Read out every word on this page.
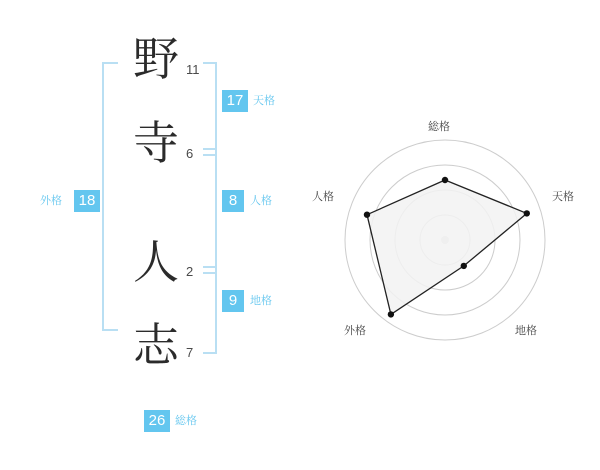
野 11
寺 6
人 2
志 7
外格	18
17 天格
8	人格
9	地格
26 総格
総格
天格
地格
外格
人格
